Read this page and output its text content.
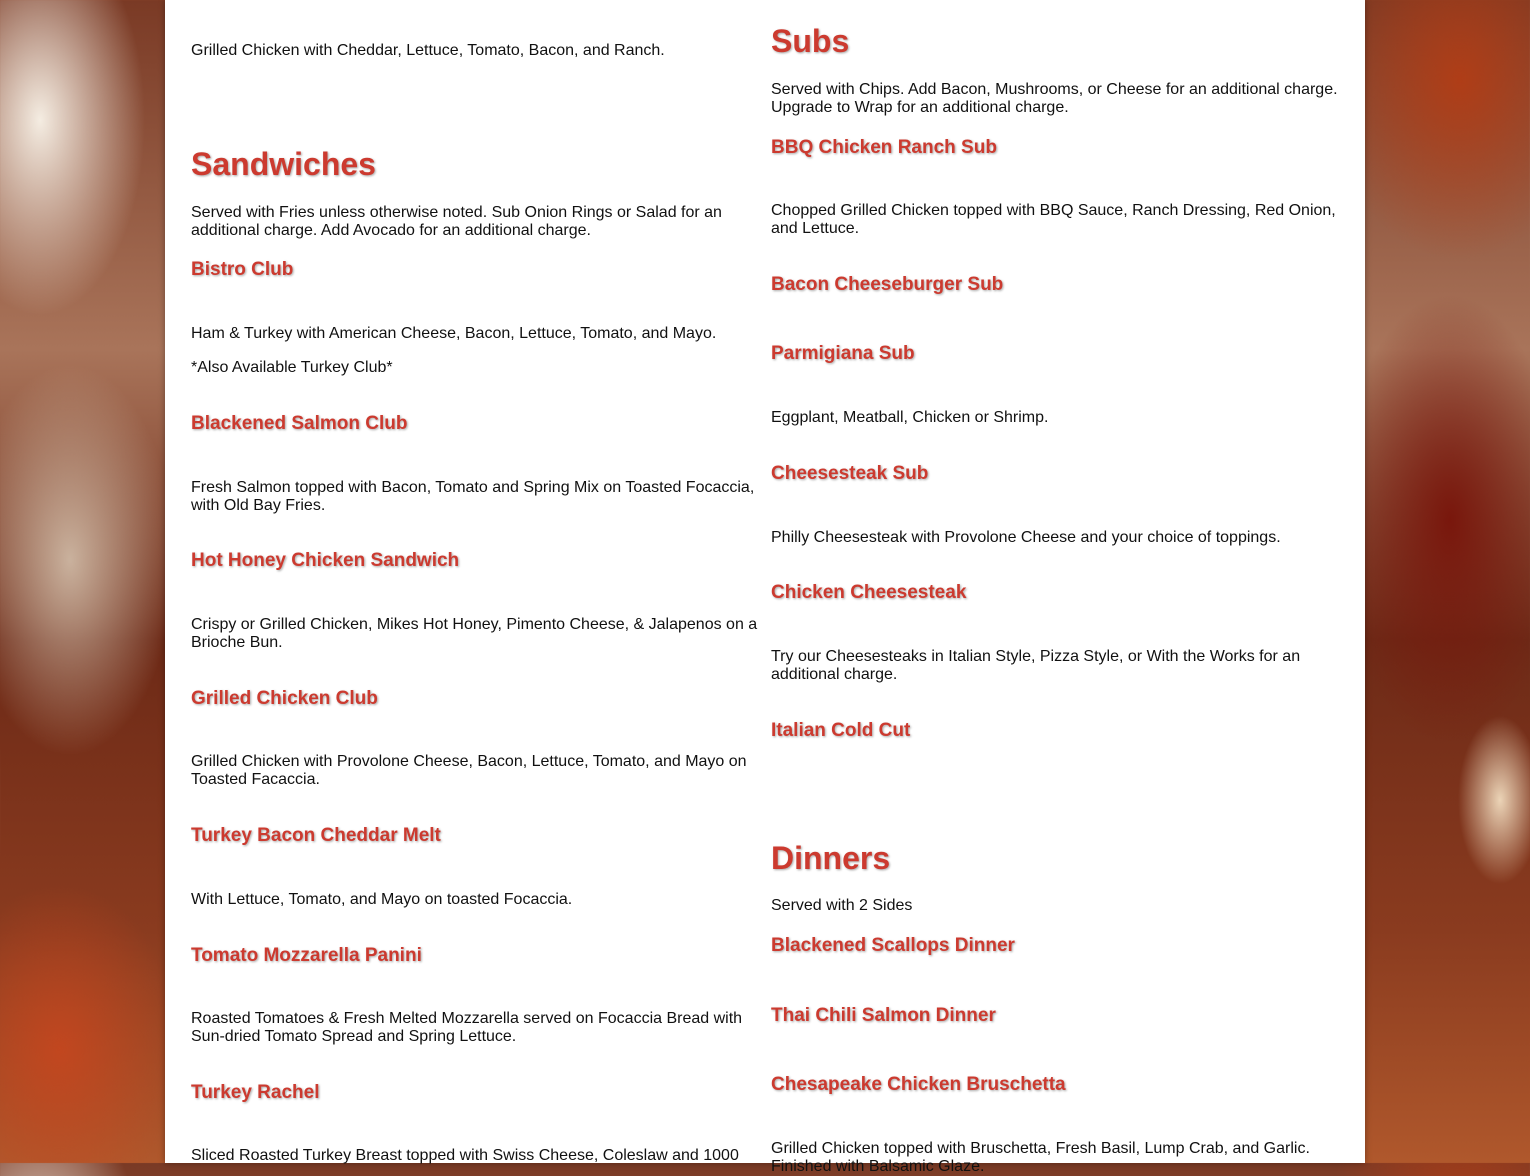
Grilled Chicken with Cheddar, Lettuce, Tomato, Bacon, and Ranch.

Sandwiches

Served with Fries unless otherwise noted. Sub Onion Rings or Salad for an additional charge. Add Avocado for an additional charge.

Bistro Club

Ham & Turkey with American Cheese, Bacon, Lettuce, Tomato, and Mayo.

*Also Available Turkey Club*

Blackened Salmon Club

Fresh Salmon topped with Bacon, Tomato and Spring Mix on Toasted Focaccia, with Old Bay Fries.

Hot Honey Chicken Sandwich

Crispy or Grilled Chicken, Mikes Hot Honey, Pimento Cheese, & Jalapenos on a Brioche Bun.

Grilled Chicken Club

Grilled Chicken with Provolone Cheese, Bacon, Lettuce, Tomato, and Mayo on Toasted Facaccia.

Turkey Bacon Cheddar Melt

With Lettuce, Tomato, and Mayo on toasted Focaccia.

Tomato Mozzarella Panini

Roasted Tomatoes & Fresh Melted Mozzarella served on Focaccia Bread with Sun-dried Tomato Spread and Spring Lettuce.

Turkey Rachel

Sliced Roasted Turkey Breast topped with Swiss Cheese, Coleslaw and 1000

Subs

Served with Chips. Add Bacon, Mushrooms, or Cheese for an additional charge. Upgrade to Wrap for an additional charge.

BBQ Chicken Ranch Sub

Chopped Grilled Chicken topped with BBQ Sauce, Ranch Dressing, Red Onion, and Lettuce.

Bacon Cheeseburger Sub
Parmigiana Sub

Eggplant, Meatball, Chicken or Shrimp.

Cheesesteak Sub

Philly Cheesesteak with Provolone Cheese and your choice of toppings.

Chicken Cheesesteak

Try our Cheesesteaks in Italian Style, Pizza Style, or With the Works for an additional charge.

Italian Cold Cut
Dinners

Served with 2 Sides

Blackened Scallops Dinner
Thai Chili Salmon Dinner
Chesapeake Chicken Bruschetta

Grilled Chicken topped with Bruschetta, Fresh Basil, Lump Crab, and Garlic. Finished with Balsamic Glaze.
